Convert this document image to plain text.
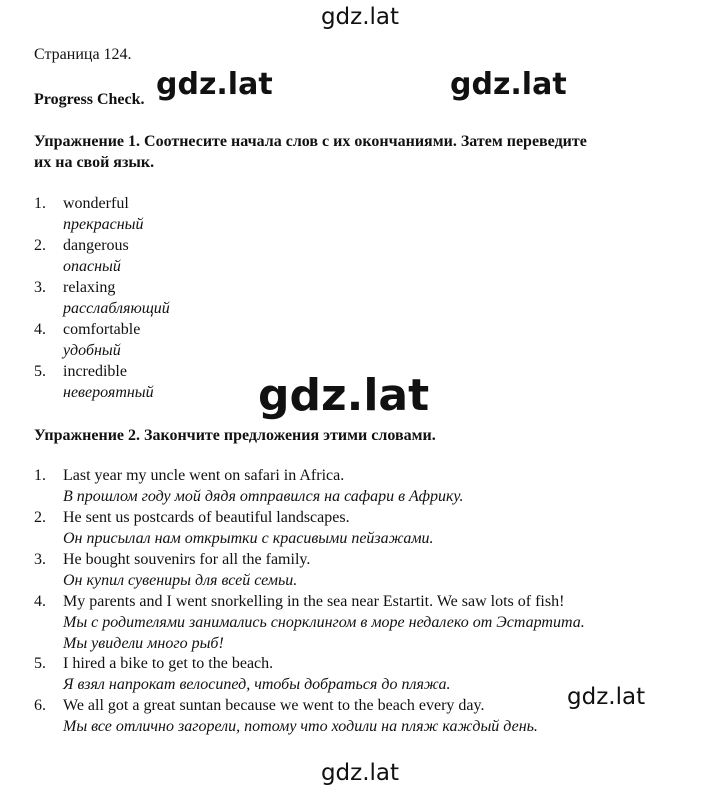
gdz.lat
Страница 124.
Progress Check. gdz.lat	gdz.lat
Упражнение 1. Соотнесите начала слов с их окончаниями. Затем переведите их на свой язык.
1. wonderful
прекрасный
2. dangerous
опасный
3. relaxing
расслабляющий
4. comfortable
удобный
5. incredible
невероятный gdz.lat
Упражнение 2. Закончите предложения этими словами.
1. Last year my uncle went on safari in Africa.
В прошлом году мой дядя отправился на сафари в Африку.
2. He sent us postcards of beautiful landscapes.
Он присылал нам открытки с красивыми пейзажами.
3. He bought souvenirs for all the family.
Он купил сувениры для всей семьи.
4. My parents and I went snorkelling in the sea near Estartit. We saw lots of fish!
Мы с родителями занимались снорклингом в море недалеко от Эстартита.
Мы увидели много рыб!
5. I hired a bike to get to the beach.
Я взял напрокат велосипед, чтобы добраться до пляжа.
6. We all got a great suntan because we went to the beach every day.
Мы все отлично загорели, потому что ходили на пляж каждый день.
gdz.lat
gdz.lat
